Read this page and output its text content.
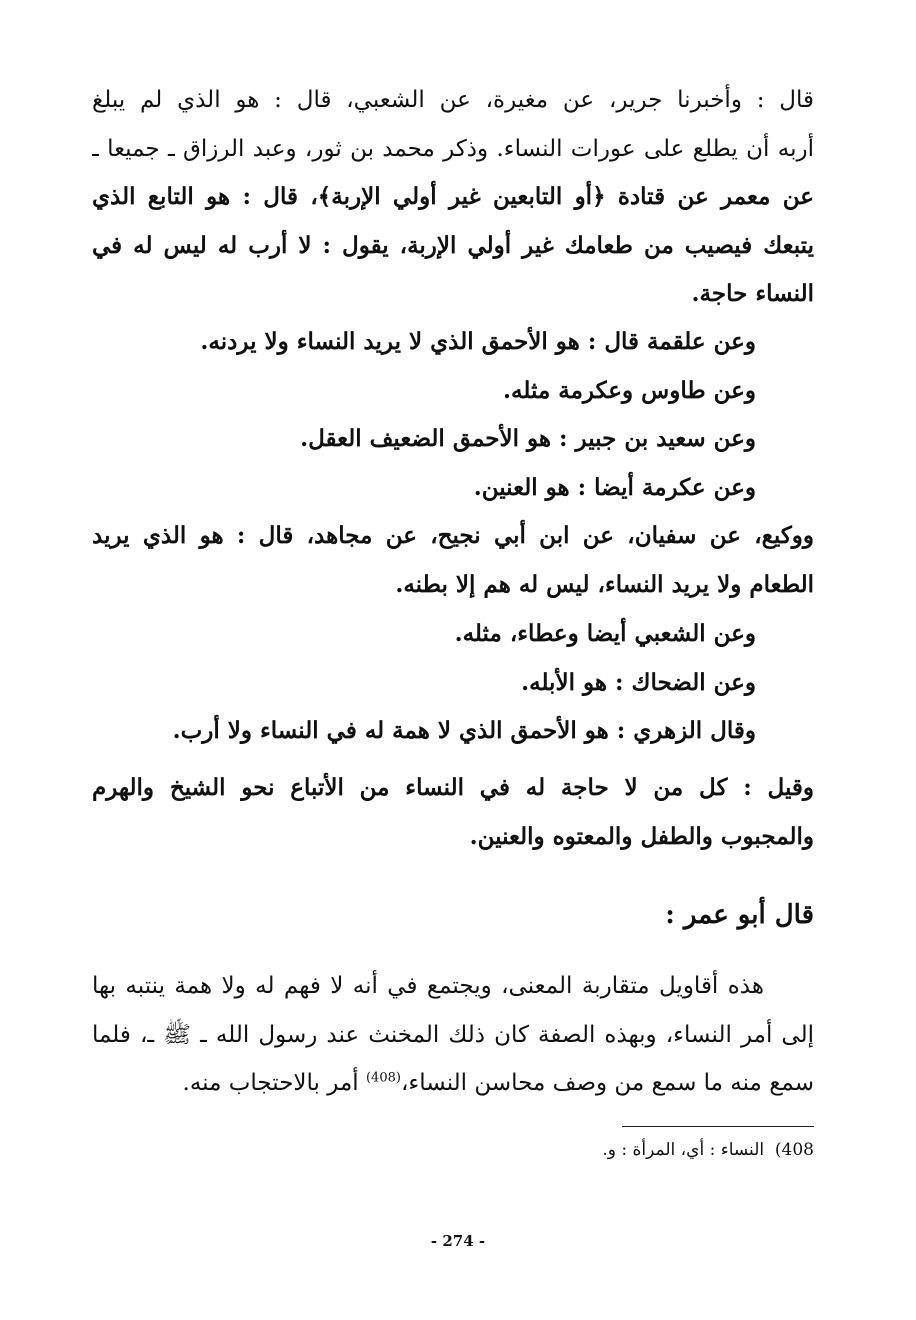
قال : وأخبرنا جرير، عن مغيرة، عن الشعبي، قال : هو الذي لم يبلغ
أربه أن يطلع على عورات النساء. وذكر محمد بن ثور، وعبد الرزاق ـ جميعا ـ
عن معمر عن قتادة ﴿أو التابعين غير أولي الإربة﴾، قال : هو التابع الذي
يتبعك فيصيب من طعامك غير أولي الإربة، يقول : لا أرب له ليس له في
النساء حاجة.
وعن علقمة قال : هو الأحمق الذي لا يريد النساء ولا يردنه.
وعن طاوس وعكرمة مثله.
وعن سعيد بن جبير : هو الأحمق الضعيف العقل.
وعن عكرمة أيضا : هو العنين.
ووكيع، عن سفيان، عن ابن أبي نجيح، عن مجاهد، قال : هو الذي يريد
الطعام ولا يريد النساء، ليس له هم إلا بطنه.
وعن الشعبي أيضا وعطاء، مثله.
وعن الضحاك : هو الأبله.
وقال الزهري : هو الأحمق الذي لا همة له في النساء ولا أرب.
وقيل : كل من لا حاجة له في النساء من الأتباع نحو الشيخ والهرم
والمجبوب والطفل والمعتوه والعنين.
قال أبو عمر :
هذه أقاويل متقاربة المعنى، ويجتمع في أنه لا فهم له ولا همة ينتبه بها
إلى أمر النساء، وبهذه الصفة كان ذلك المخنث عند رسول الله ـ ﷺ ـ، فلما
سمع منه ما سمع من وصف محاسن النساء،$^{(408)}$ أمر بالاحتجاب منه.
408)  النساء : أي، المرأة : و.
- 274 -
